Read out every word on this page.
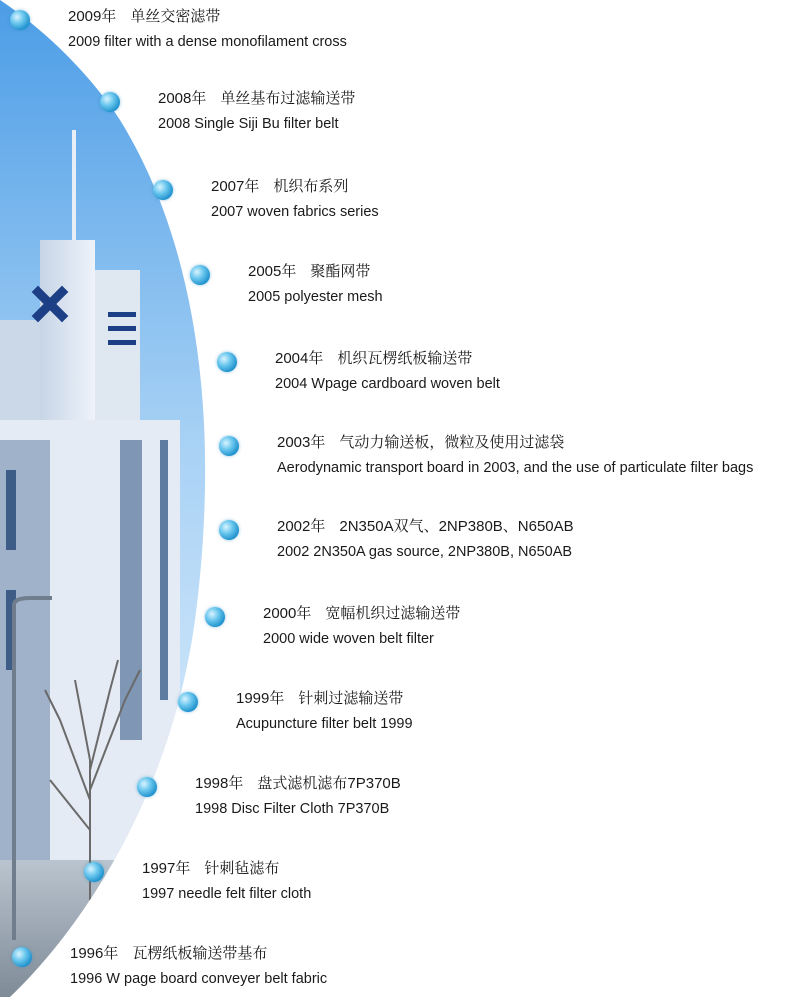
2009年 单丝交密滤带
2009 filter with a dense monofilament cross
2008年 单丝基布过滤输送带
2008 Single Siji Bu filter belt
2007年 机织布系列
2007 woven fabrics series
2005年 聚酯网带
2005 polyester mesh
2004年 机织瓦楞纸板输送带
2004 Wpage cardboard woven belt
2003年 气动力输送板，微粒及使用过滤袋
Aerodynamic transport board in 2003, and the use of particulate filter bags
2002年 2N350A双气、2NP380B、N650AB
2002 2N350A gas source, 2NP380B, N650AB
2000年 宽幅机织过滤输送带
2000 wide woven belt filter
1999年 针刺过滤输送带
Acupuncture filter belt 1999
1998年 盘式滤机滤布7P370B
1998 Disc Filter Cloth 7P370B
1997年 针刺毡滤布
1997 needle felt filter cloth
1996年 瓦楞纸板输送带基布
1996 W page board conveyer belt fabric
